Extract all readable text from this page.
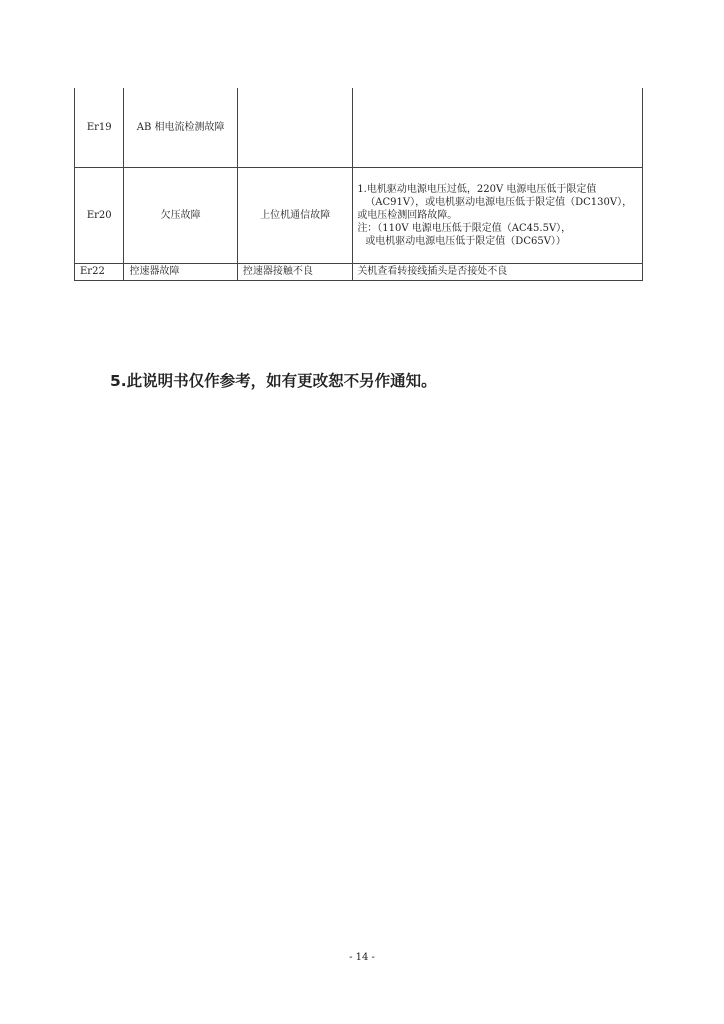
Er19	AB 相电流检测故障		
Er20	欠压故障	上位机通信故障	1.电机驱动电源电压过低，220V 电源电压低于限定值
（AC91V），或电机驱动电源电压低于限定值（DC130V），
或电压检测回路故障。
注：（110V 电源电压低于限定值（AC45.5V），
或电机驱动电源电压低于限定值（DC65V））

Er22	控速器故障	控速器接触不良	关机查看转接线插头是否接处不良
5.此说明书仅作参考，如有更改恕不另作通知。
- 14 -
